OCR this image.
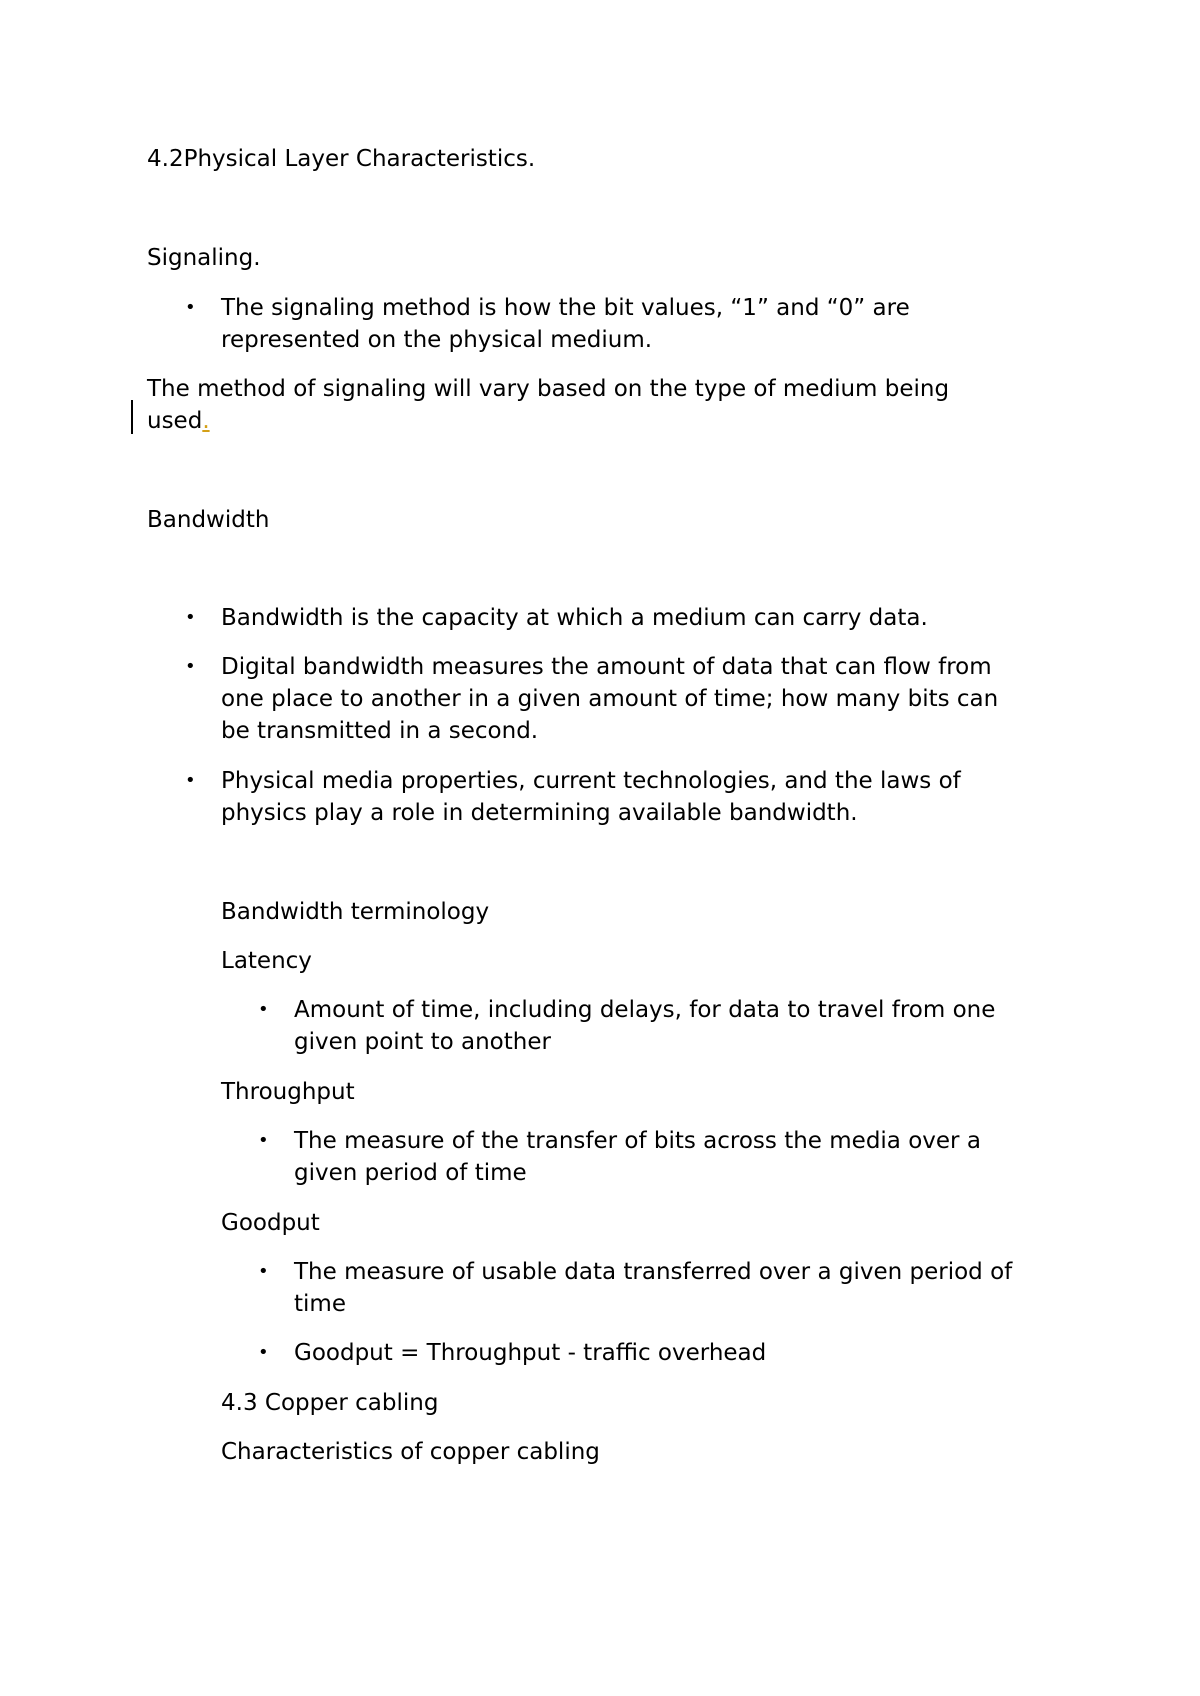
4.2Physical Layer Characteristics.
Signaling.
• The signaling method is how the bit values, “1” and “0” are
represented on the physical medium.
The method of signaling will vary based on the type of medium being
used.
Bandwidth
• Bandwidth is the capacity at which a medium can carry data.
• Digital bandwidth measures the amount of data that can flow from
one place to another in a given amount of time; how many bits can
be transmitted in a second.
• Physical media properties, current technologies, and the laws of
physics play a role in determining available bandwidth.
Bandwidth terminology
Latency
• Amount of time, including delays, for data to travel from one
given point to another
Throughput
• The measure of the transfer of bits across the media over a
given period of time
Goodput
• The measure of usable data transferred over a given period of
time
• Goodput = Throughput - traffic overhead
4.3 Copper cabling
Characteristics of copper cabling
